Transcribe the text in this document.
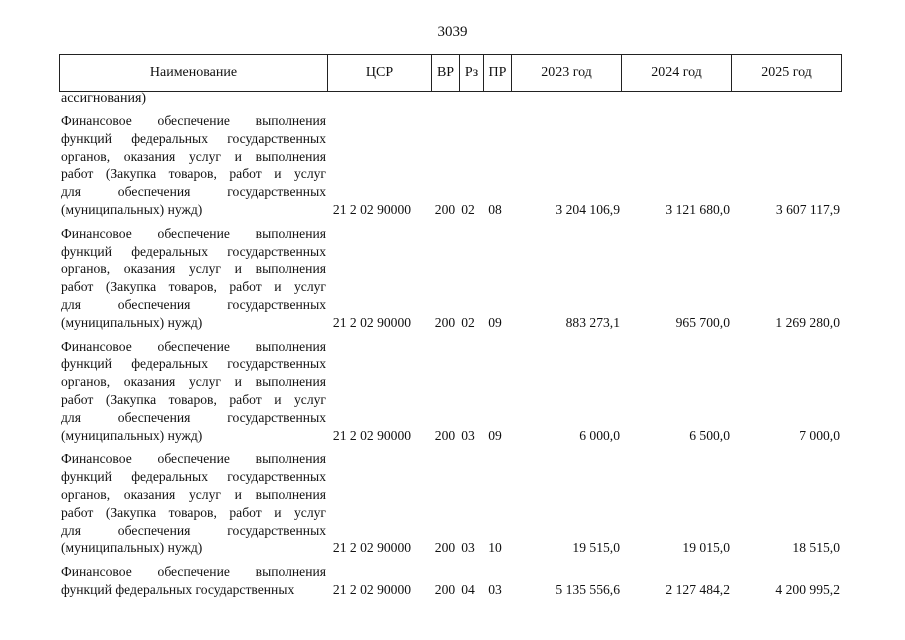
3039
Наименование	ЦСР	ВР	Рз	ПР	2023 год	2024 год	2025 год
ассигнования)
Финансовое обеспечение выполнения
функций федеральных государственных
органов, оказания услуг и выполнения
работ (Закупка товаров, работ и услуг
для обеспечения государственных
(муниципальных) нужд)	21 2 02 90000	200 02 08	3 204 106,9	3 121 680,0	3 607 117,9
Финансовое обеспечение выполнения
функций федеральных государственных
органов, оказания услуг и выполнения
работ (Закупка товаров, работ и услуг
для обеспечения государственных
(муниципальных) нужд)	21 2 02 90000	200 02 09	883 273,1	965 700,0	1 269 280,0
Финансовое обеспечение выполнения
функций федеральных государственных
органов, оказания услуг и выполнения
работ (Закупка товаров, работ и услуг
для обеспечения государственных
(муниципальных) нужд)	21 2 02 90000	200 03 09	6 000,0	6 500,0	7 000,0
Финансовое обеспечение выполнения
функций федеральных государственных
органов, оказания услуг и выполнения
работ (Закупка товаров, работ и услуг
для обеспечения государственных
(муниципальных) нужд)	21 2 02 90000	200 03 10	19 515,0	19 015,0	18 515,0
Финансовое обеспечение выполнения
функций федеральных государственных	21 2 02 90000	200 04 03	5 135 556,6	2 127 484,2	4 200 995,2
